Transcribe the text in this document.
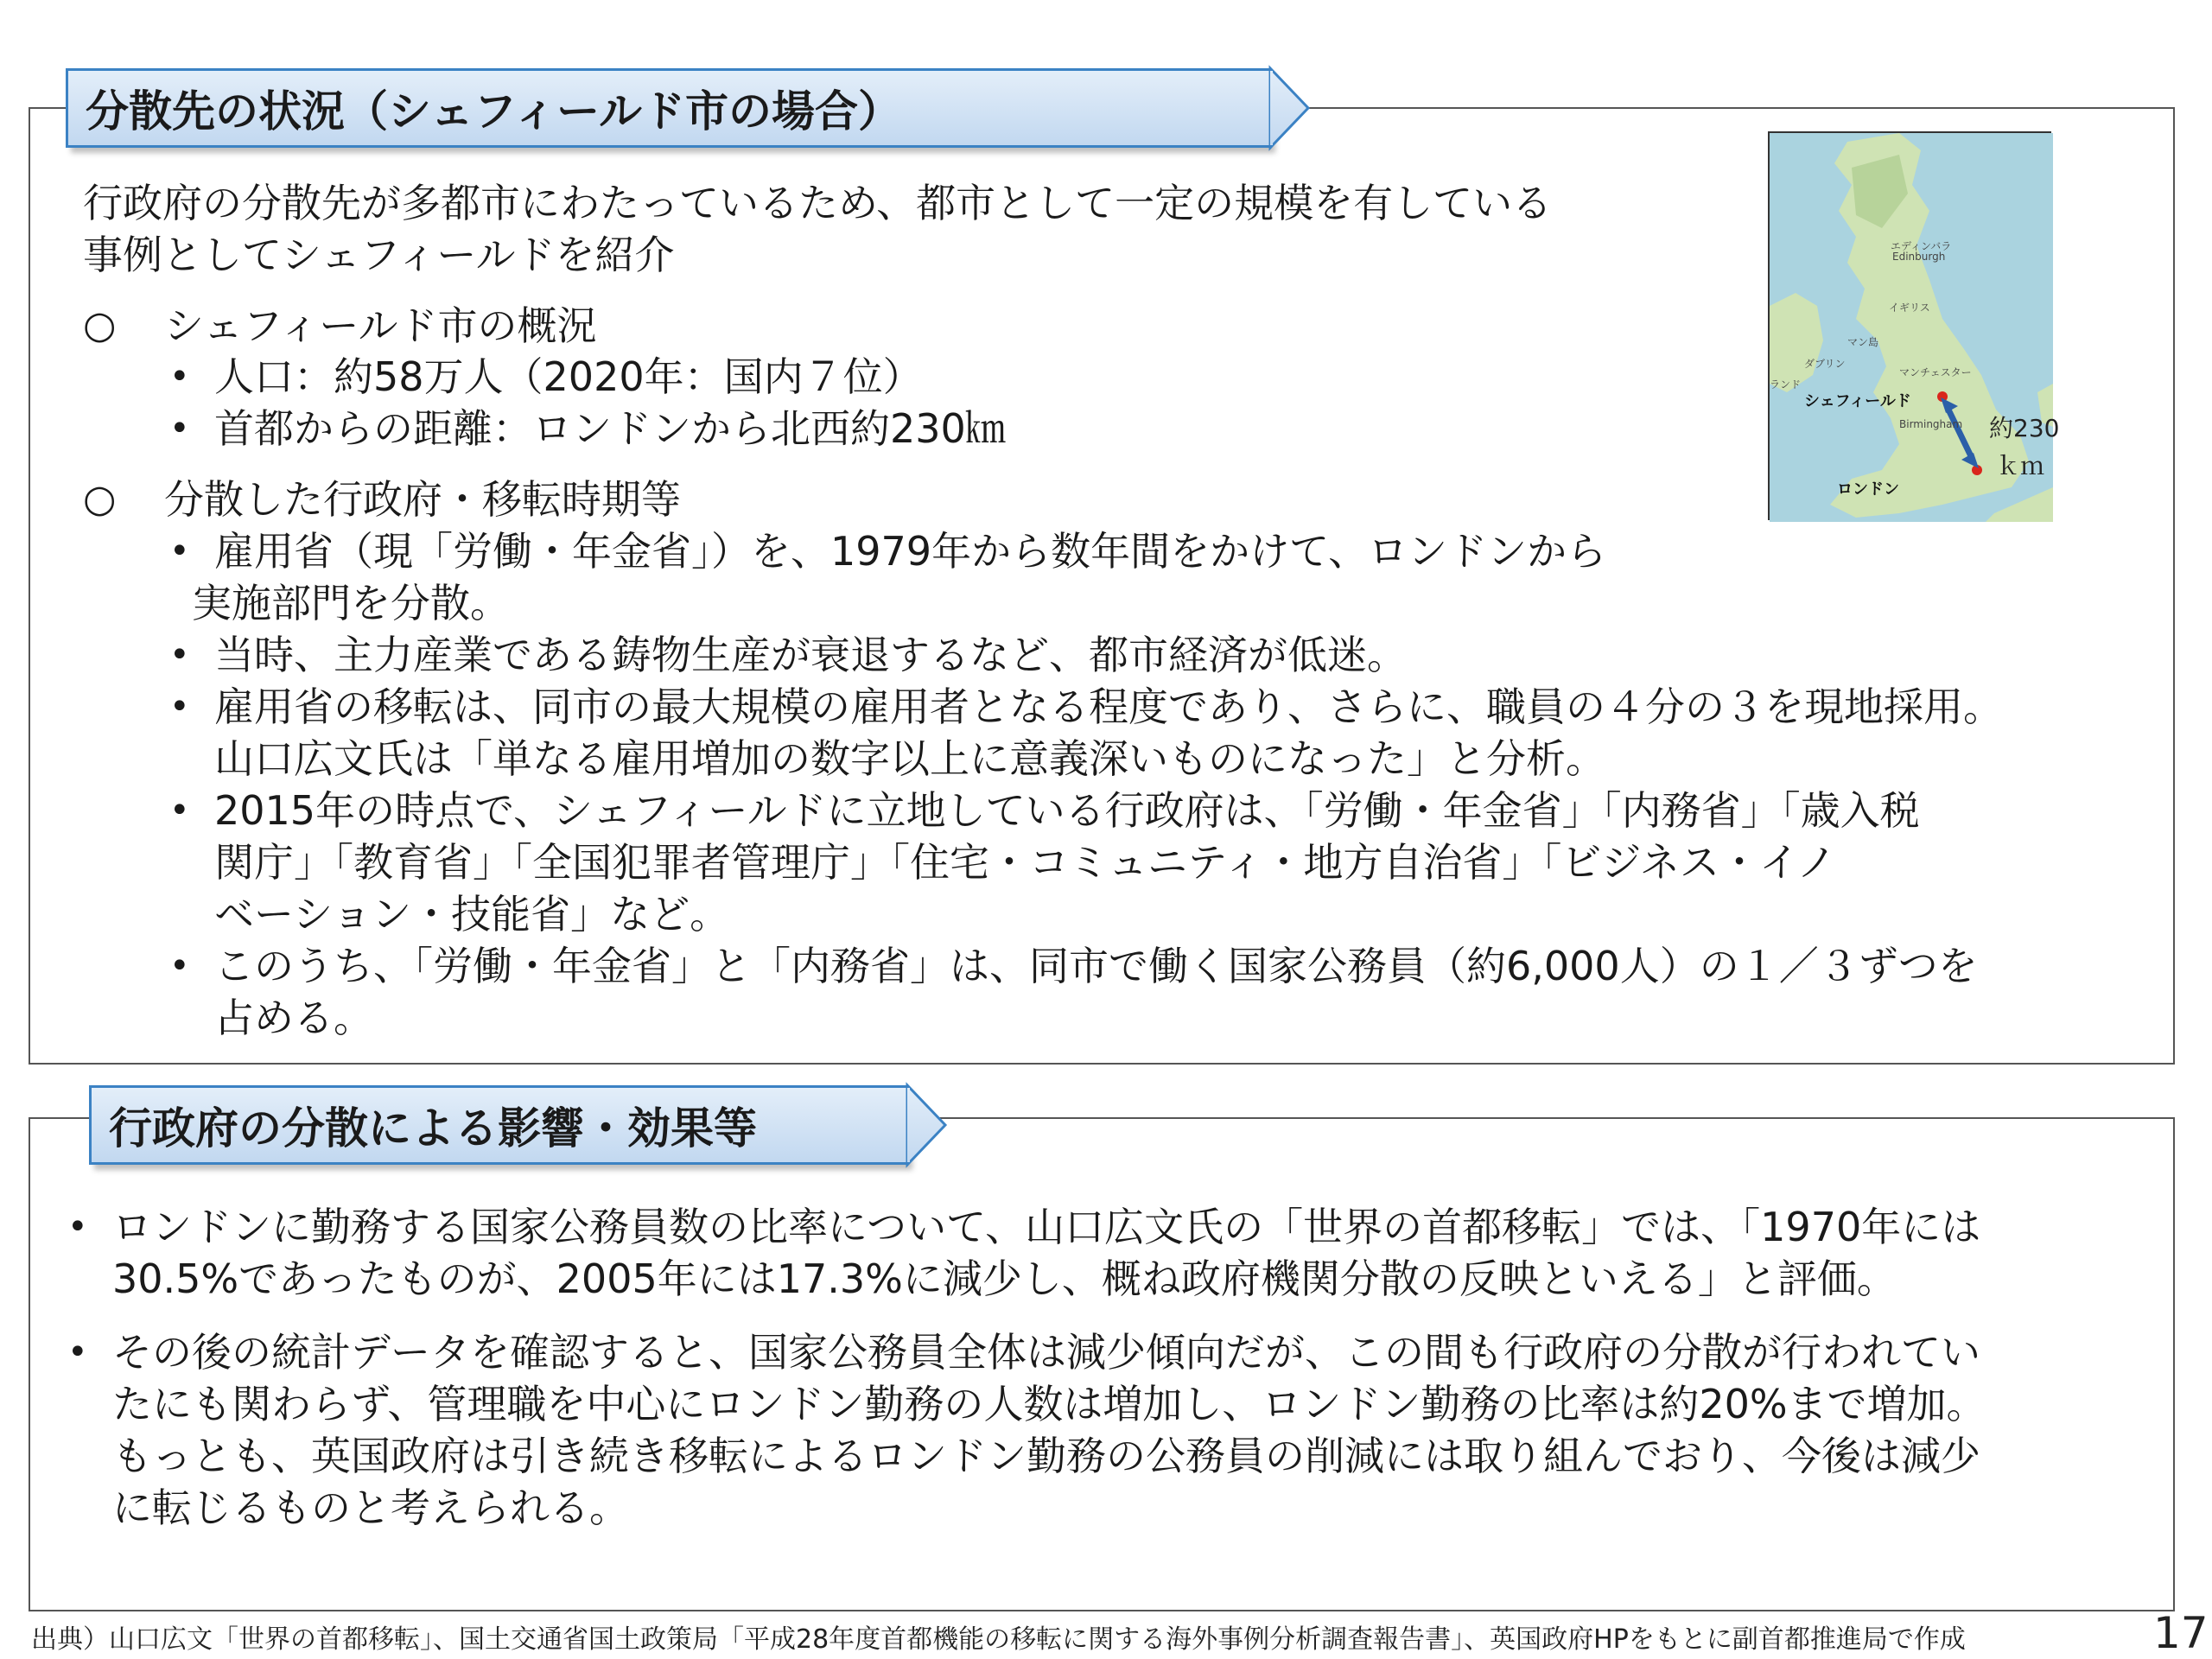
分散先の状況（シェフィールド市の場合）
行政府の分散先が多都市にわたっているため、都市として一定の規模を有している
事例としてシェフィールドを紹介
○ シェフィールド市の概況
• 人口：約58万人（2020年：国内７位）
• 首都からの距離：ロンドンから北西約230㎞
○ 分散した行政府・移転時期等
• 雇用省（現「労働・年金省」）を、1979年から数年間をかけて、ロンドンから
実施部門を分散。
• 当時、主力産業である鋳物生産が衰退するなど、都市経済が低迷。
• 雇用省の移転は、同市の最大規模の雇用者となる程度であり、さらに、職員の４分の３を現地採用。
山口広文氏は「単なる雇用増加の数字以上に意義深いものになった」と分析。
• 2015年の時点で、シェフィールドに立地している行政府は、「労働・年金省」「内務省」「歳入税
関庁」「教育省」「全国犯罪者管理庁」「住宅・コミュニティ・地方自治省」「ビジネス・イノ
ベーション・技能省」など。
• このうち、「労働・年金省」と「内務省」は、同市で働く国家公務員（約6,000人）の１／３ずつを
占める。
エディンバラ
Edinburgh
イギリス
マン島
ダブリン
マンチェスター
Birmingham
ランド
シェフィールド
ロンドン
約230
ｋｍ
行政府の分散による影響・効果等
• ロンドンに勤務する国家公務員数の比率について、山口広文氏の「世界の首都移転」では、「1970年には
30.5%であったものが、2005年には17.3%に減少し、概ね政府機関分散の反映といえる」と評価。
• その後の統計データを確認すると、国家公務員全体は減少傾向だが、この間も行政府の分散が行われてい
たにも関わらず、管理職を中心にロンドン勤務の人数は増加し、ロンドン勤務の比率は約20%まで増加。
もっとも、英国政府は引き続き移転によるロンドン勤務の公務員の削減には取り組んでおり、今後は減少
に転じるものと考えられる。
出典）山口広文「世界の首都移転」、国土交通省国土政策局「平成28年度首都機能の移転に関する海外事例分析調査報告書」、英国政府HPをもとに副首都推進局で作成	17
